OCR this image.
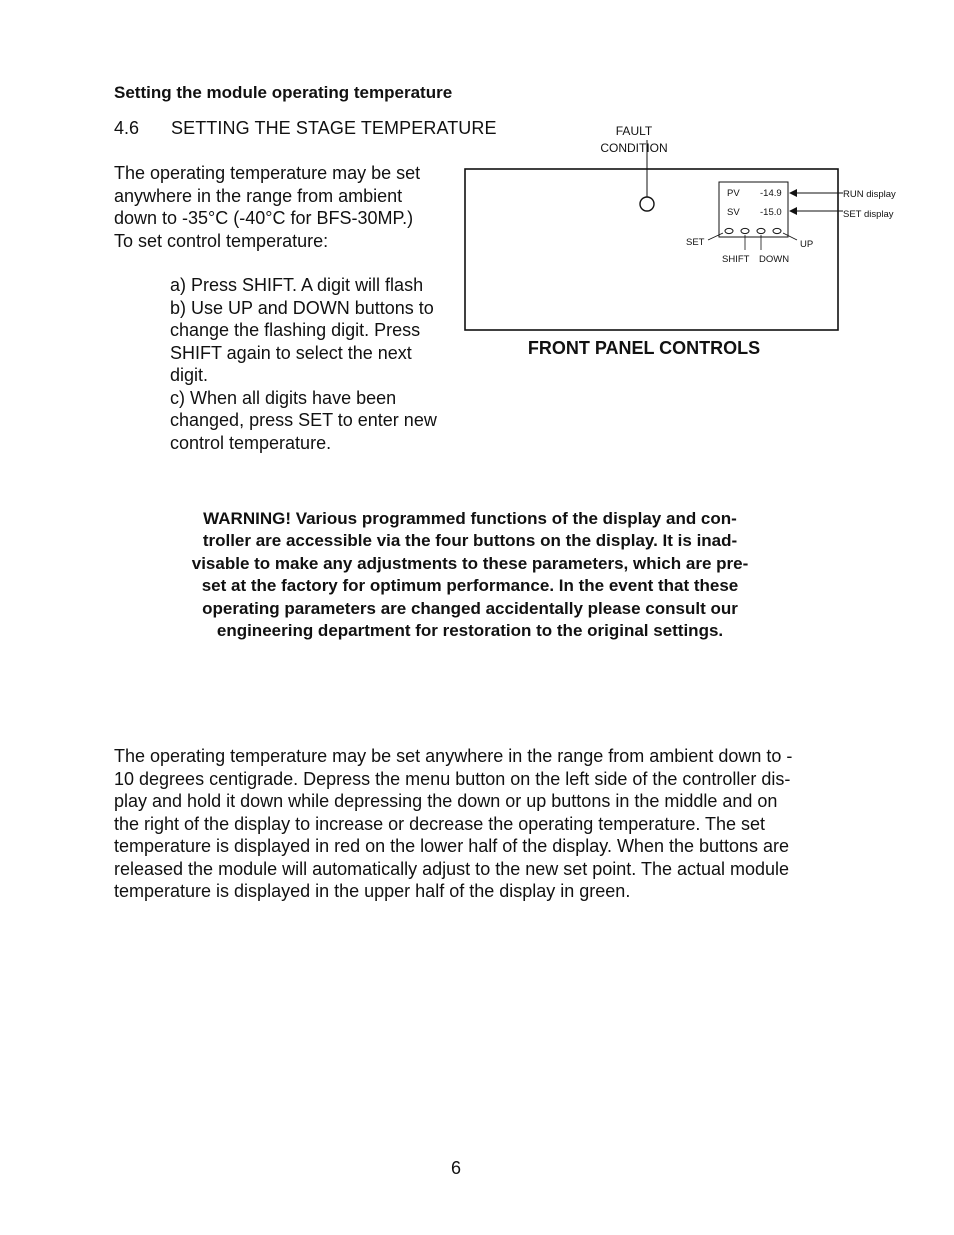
Setting the module operating temperature
4.6 SETTING THE STAGE TEMPERATURE

The operating temperature may be set

anywhere in the range from ambient

down to -35°C (-40°C for BFS-30MP.)

To set control temperature:

a) Press SHIFT. A digit will flash

b) Use UP and DOWN buttons to

change the flashing digit. Press

SHIFT again to select the next

digit.

c) When all digits have been

changed, press SET to enter new

control temperature.

FAULT
CONDITION
PV -14.9
SV -15.0
SET
SHIFT DOWN
UP
RUN display
SET display
FRONT PANEL CONTROLS

WARNING! Various programmed functions of the display and con-

troller are accessible via the four buttons on the display. It is inad-

visable to make any adjustments to these parameters, which are pre-

set at the factory for optimum performance. In the event that these

operating parameters are changed accidentally please consult our

engineering department for restoration to the original settings.

The operating temperature may be set anywhere in the range from ambient down to -

10 degrees centigrade. Depress the menu button on the left side of the controller dis-

play and hold it down while depressing the down or up buttons in the middle and on

the right of the display to increase or decrease the operating temperature. The set

temperature is displayed in red on the lower half of the display. When the buttons are

released the module will automatically adjust to the new set point. The actual module

temperature is displayed in the upper half of the display in green.

6
